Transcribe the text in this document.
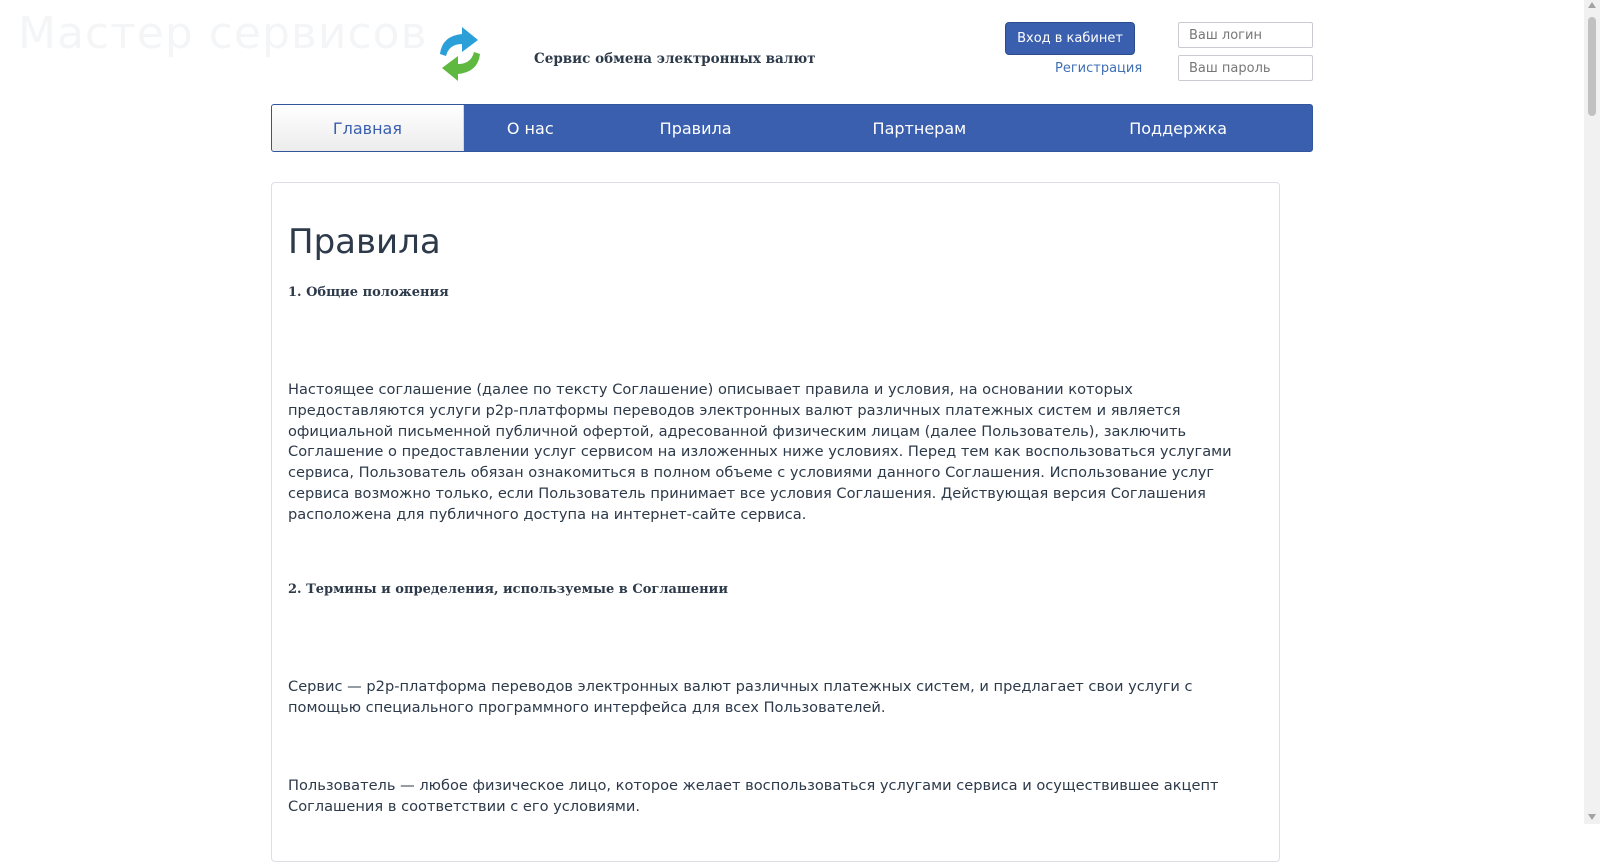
Мастер сервисов	Сервис обмена электронных валют
Вход в кабинет
Регистрация
Ваш логин
Главная	О нас	Правила	Партнерам	Поддержка
Правила
1. Общие положения

Настоящее соглашение (далее по тексту Соглашение) описывает правила и условия, на основании которых предоставляются услуги p2p-платформы переводов электронных валют различных платежных систем и является официальной письменной публичной офертой, адресованной физическим лицам (далее Пользователь), заключить Соглашение о предоставлении услуг сервисом на изложенных ниже условиях. Перед тем как воспользоваться услугами сервиса, Пользователь обязан ознакомиться в полном объеме с условиями данного Соглашения. Использование услуг сервиса возможно только, если Пользователь принимает все условия Соглашения. Действующая версия Соглашения расположена для публичного доступа на интернет-сайте сервиса.

2. Термины и определения, используемые в Соглашении

Сервис — p2p-платформа переводов электронных валют различных платежных систем, и предлагает свои услуги с помощью специального программного интерфейса для всех Пользователей.

Пользователь — любое физическое лицо, которое желает воспользоваться услугами сервиса и осуществившее акцепт Соглашения в соответствии с его условиями.
